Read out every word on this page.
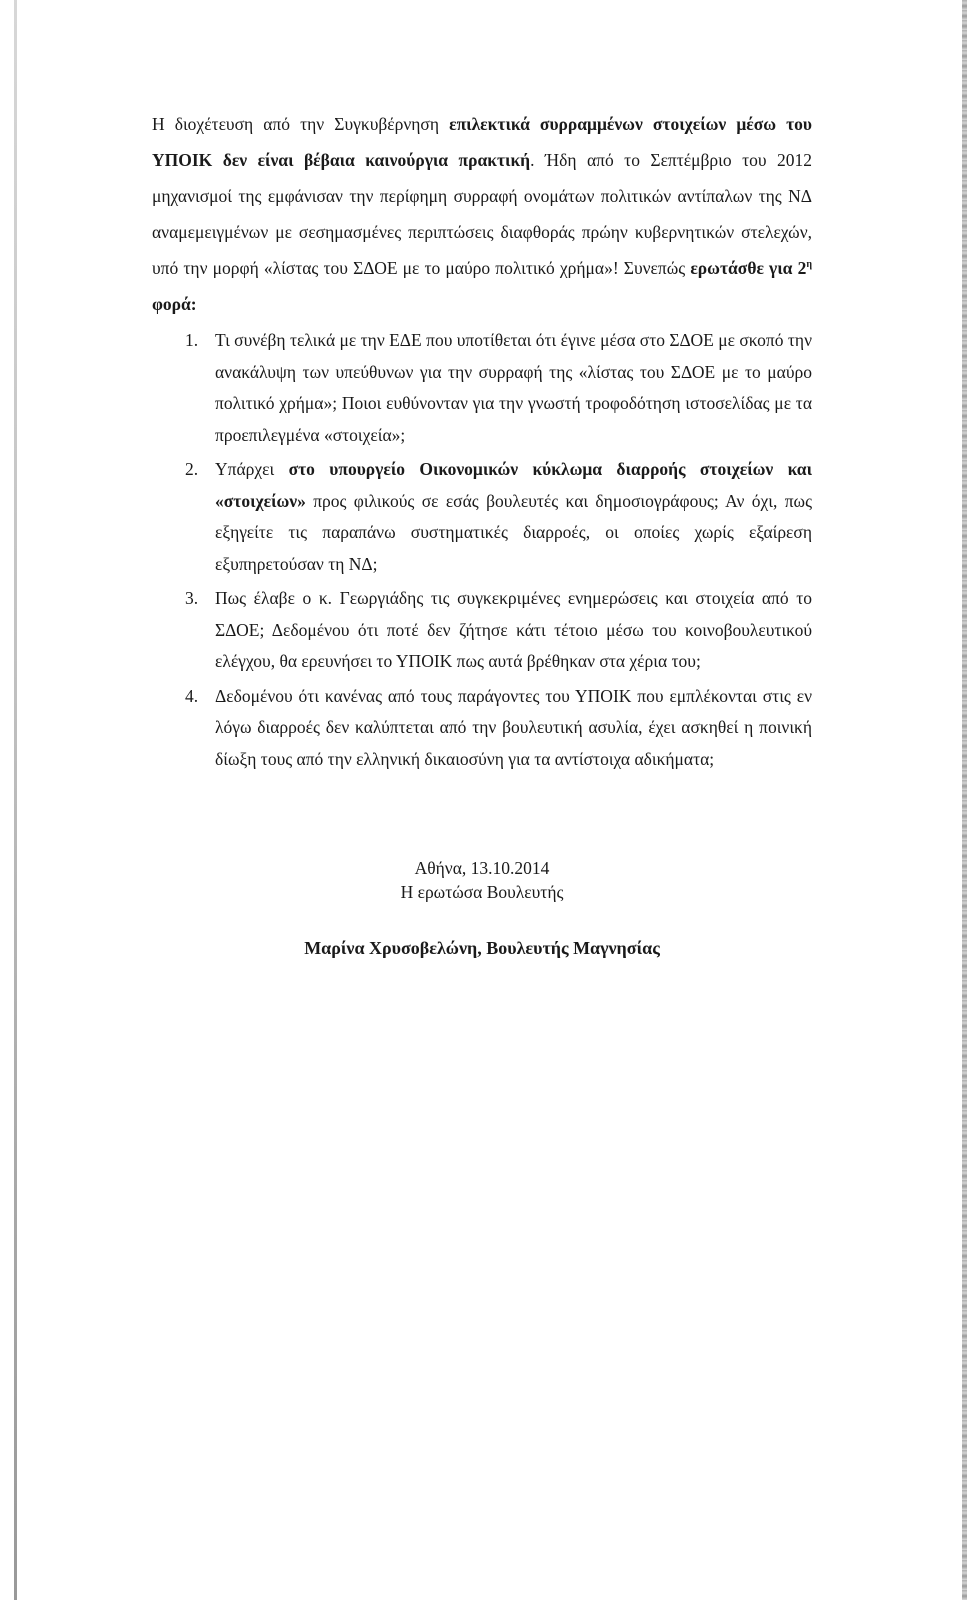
Η διοχέτευση από την Συγκυβέρνηση επιλεκτικά συρραμμένων στοιχείων μέσω του ΥΠΟΙΚ δεν είναι βέβαια καινούργια πρακτική. Ήδη από το Σεπτέμβριο του 2012 μηχανισμοί της εμφάνισαν την περίφημη συρραφή ονομάτων πολιτικών αντίπαλων της ΝΔ αναμεμειγμένων με σεσημασμένες περιπτώσεις διαφθοράς πρώην κυβερνητικών στελεχών, υπό την μορφή «λίστας του ΣΔΟΕ με το μαύρο πολιτικό χρήμα»! Συνεπώς ερωτάσθε για $2^\eta$ φορά:

1. Τι συνέβη τελικά με την ΕΔΕ που υποτίθεται ότι έγινε μέσα στο ΣΔΟΕ με σκοπό την ανακάλυψη των υπεύθυνων για την συρραφή της «λίστας του ΣΔΟΕ με το μαύρο πολιτικό χρήμα»; Ποιοι ευθύνονταν για την γνωστή τροφοδότηση ιστοσελίδας με τα προεπιλεγμένα «στοιχεία»;
2. Υπάρχει στο υπουργείο Οικονομικών κύκλωμα διαρροής στοιχείων και «στοιχείων» προς φιλικούς σε εσάς βουλευτές και δημοσιογράφους; Αν όχι, πως εξηγείτε τις παραπάνω συστηματικές διαρροές, οι οποίες χωρίς εξαίρεση εξυπηρετούσαν τη ΝΔ;
3. Πως έλαβε ο κ. Γεωργιάδης τις συγκεκριμένες ενημερώσεις και στοιχεία από το ΣΔΟΕ; Δεδομένου ότι ποτέ δεν ζήτησε κάτι τέτοιο μέσω του κοινοβουλευτικού ελέγχου, θα ερευνήσει το ΥΠΟΙΚ πως αυτά βρέθηκαν στα χέρια του;
4. Δεδομένου ότι κανένας από τους παράγοντες του ΥΠΟΙΚ που εμπλέκονται στις εν λόγω διαρροές δεν καλύπτεται από την βουλευτική ασυλία, έχει ασκηθεί η ποινική δίωξη τους από την ελληνική δικαιοσύνη για τα αντίστοιχα αδικήματα;
Αθήνα, 13.10.2014
Η ερωτώσα Βουλευτής
Μαρίνα Χρυσοβελώνη, Βουλευτής Μαγνησίας
